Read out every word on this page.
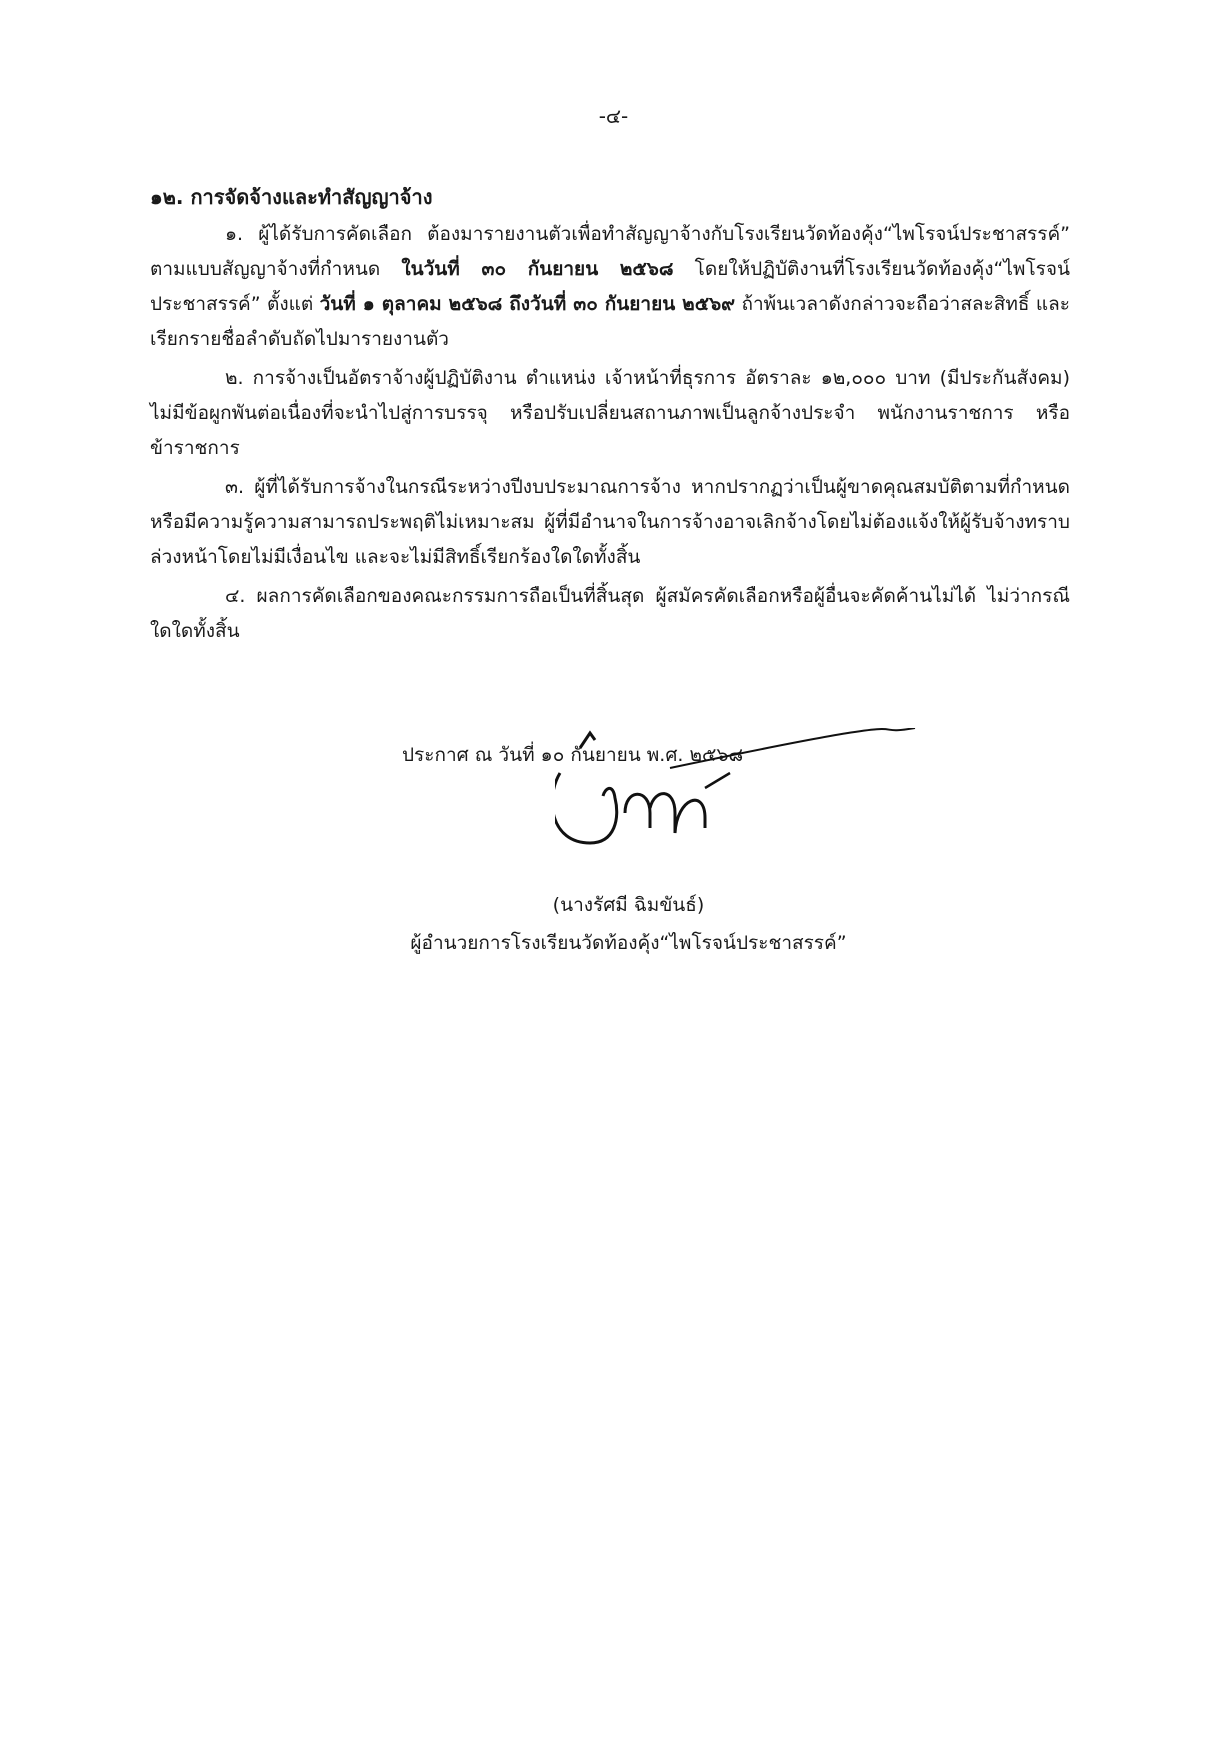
-๔-

๑๒. การจัดจ้างและทำสัญญาจ้าง

๑. ผู้ได้รับการคัดเลือก ต้องมารายงานตัวเพื่อทำสัญญาจ้างกับโรงเรียนวัดท้องคุ้ง“ไพโรจน์ประชาสรรค์” ตามแบบสัญญาจ้างที่กำหนด ในวันที่ ๓๐ กันยายน ๒๕๖๘ โดยให้ปฏิบัติงานที่โรงเรียนวัดท้องคุ้ง“ไพโรจน์ประชาสรรค์” ตั้งแต่ วันที่ ๑ ตุลาคม ๒๕๖๘ ถึงวันที่ ๓๐ กันยายน ๒๕๖๙ ถ้าพ้นเวลาดังกล่าวจะถือว่าสละสิทธิ์ และเรียกรายชื่อลำดับถัดไปมารายงานตัว

๒. การจ้างเป็นอัตราจ้างผู้ปฏิบัติงาน ตำแหน่ง เจ้าหน้าที่ธุรการ อัตราละ ๑๒,๐๐๐ บาท (มีประกันสังคม) ไม่มีข้อผูกพันต่อเนื่องที่จะนำไปสู่การบรรจุ หรือปรับเปลี่ยนสถานภาพเป็นลูกจ้างประจำ พนักงานราชการ หรือข้าราชการ

๓. ผู้ที่ได้รับการจ้างในกรณีระหว่างปีงบประมาณการจ้าง หากปรากฏว่าเป็นผู้ขาดคุณสมบัติตามที่กำหนด หรือมีความรู้ความสามารถประพฤติไม่เหมาะสม ผู้ที่มีอำนาจในการจ้างอาจเลิกจ้างโดยไม่ต้องแจ้งให้ผู้รับจ้างทราบล่วงหน้าโดยไม่มีเงื่อนไข และจะไม่มีสิทธิ์เรียกร้องใดใดทั้งสิ้น

๔. ผลการคัดเลือกของคณะกรรมการถือเป็นที่สิ้นสุด ผู้สมัครคัดเลือกหรือผู้อื่นจะคัดค้านไม่ได้ ไม่ว่ากรณีใดใดทั้งสิ้น

ประกาศ ณ วันที่ ๑๐ กันยายน พ.ศ. ๒๕๖๘
(นางรัศมี ฉิมขันธ์)
ผู้อำนวยการโรงเรียนวัดท้องคุ้ง“ไพโรจน์ประชาสรรค์”
